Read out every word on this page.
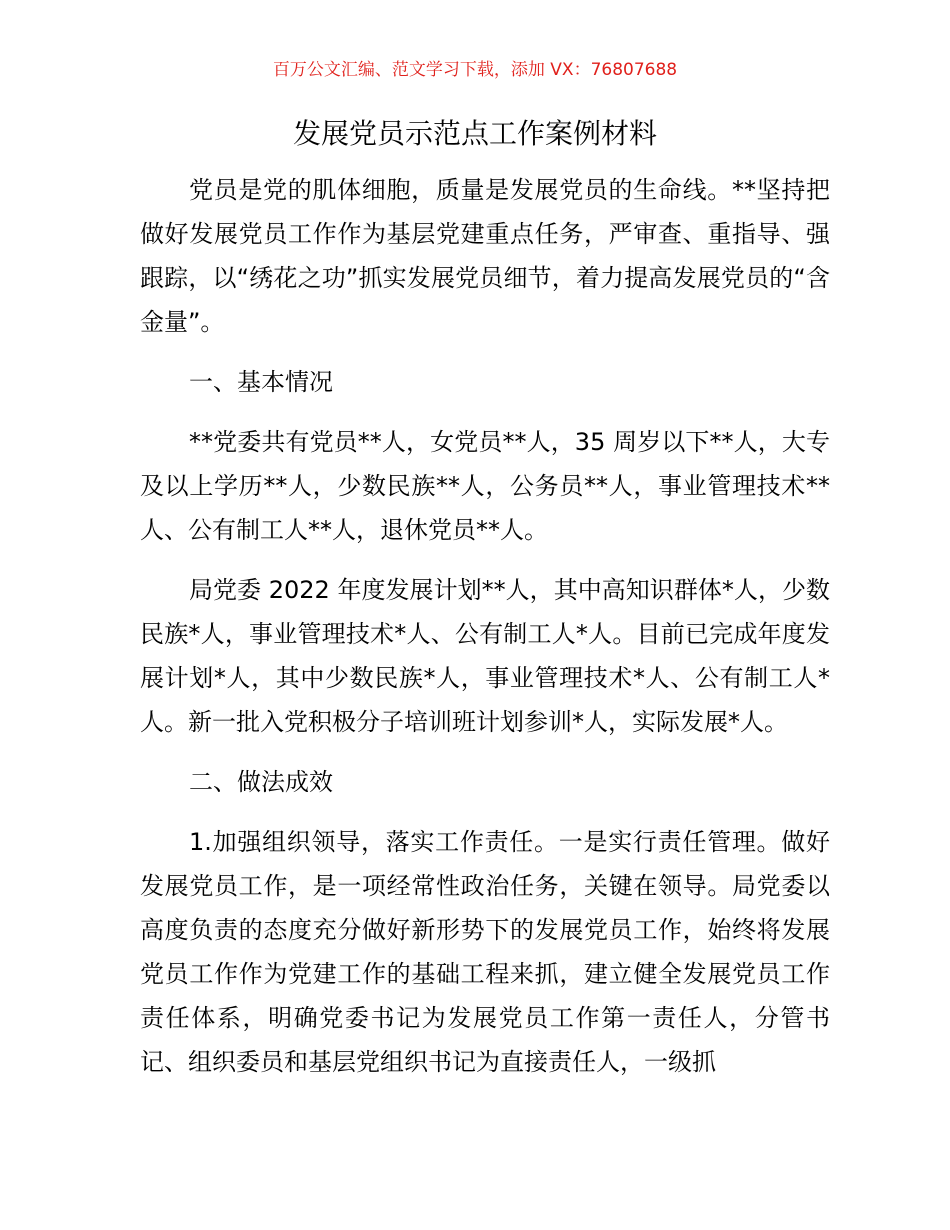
百万公文汇编、范文学习下载，添加 VX：76807688
发展党员示范点工作案例材料

党员是党的肌体细胞，质量是发展党员的生命线。**坚持把做好发展党员工作作为基层党建重点任务，严审查、重指导、强跟踪，以“绣花之功”抓实发展党员细节，着力提高发展党员的“含金量”。

一、基本情况

**党委共有党员**人，女党员**人，35 周岁以下**人，大专及以上学历**人，少数民族**人，公务员**人，事业管理技术**人、公有制工人**人，退休党员**人。

局党委 2022 年度发展计划**人，其中高知识群体*人，少数民族*人，事业管理技术*人、公有制工人*人。目前已完成年度发展计划*人，其中少数民族*人，事业管理技术*人、公有制工人*人。新一批入党积极分子培训班计划参训*人，实际发展*人。

二、做法成效

1.加强组织领导，落实工作责任。一是实行责任管理。做好发展党员工作，是一项经常性政治任务，关键在领导。局党委以高度负责的态度充分做好新形势下的发展党员工作，始终将发展党员工作作为党建工作的基础工程来抓，建立健全发展党员工作责任体系，明确党委书记为发展党员工作第一责任人，分管书记、组织委员和基层党组织书记为直接责任人，一级抓
